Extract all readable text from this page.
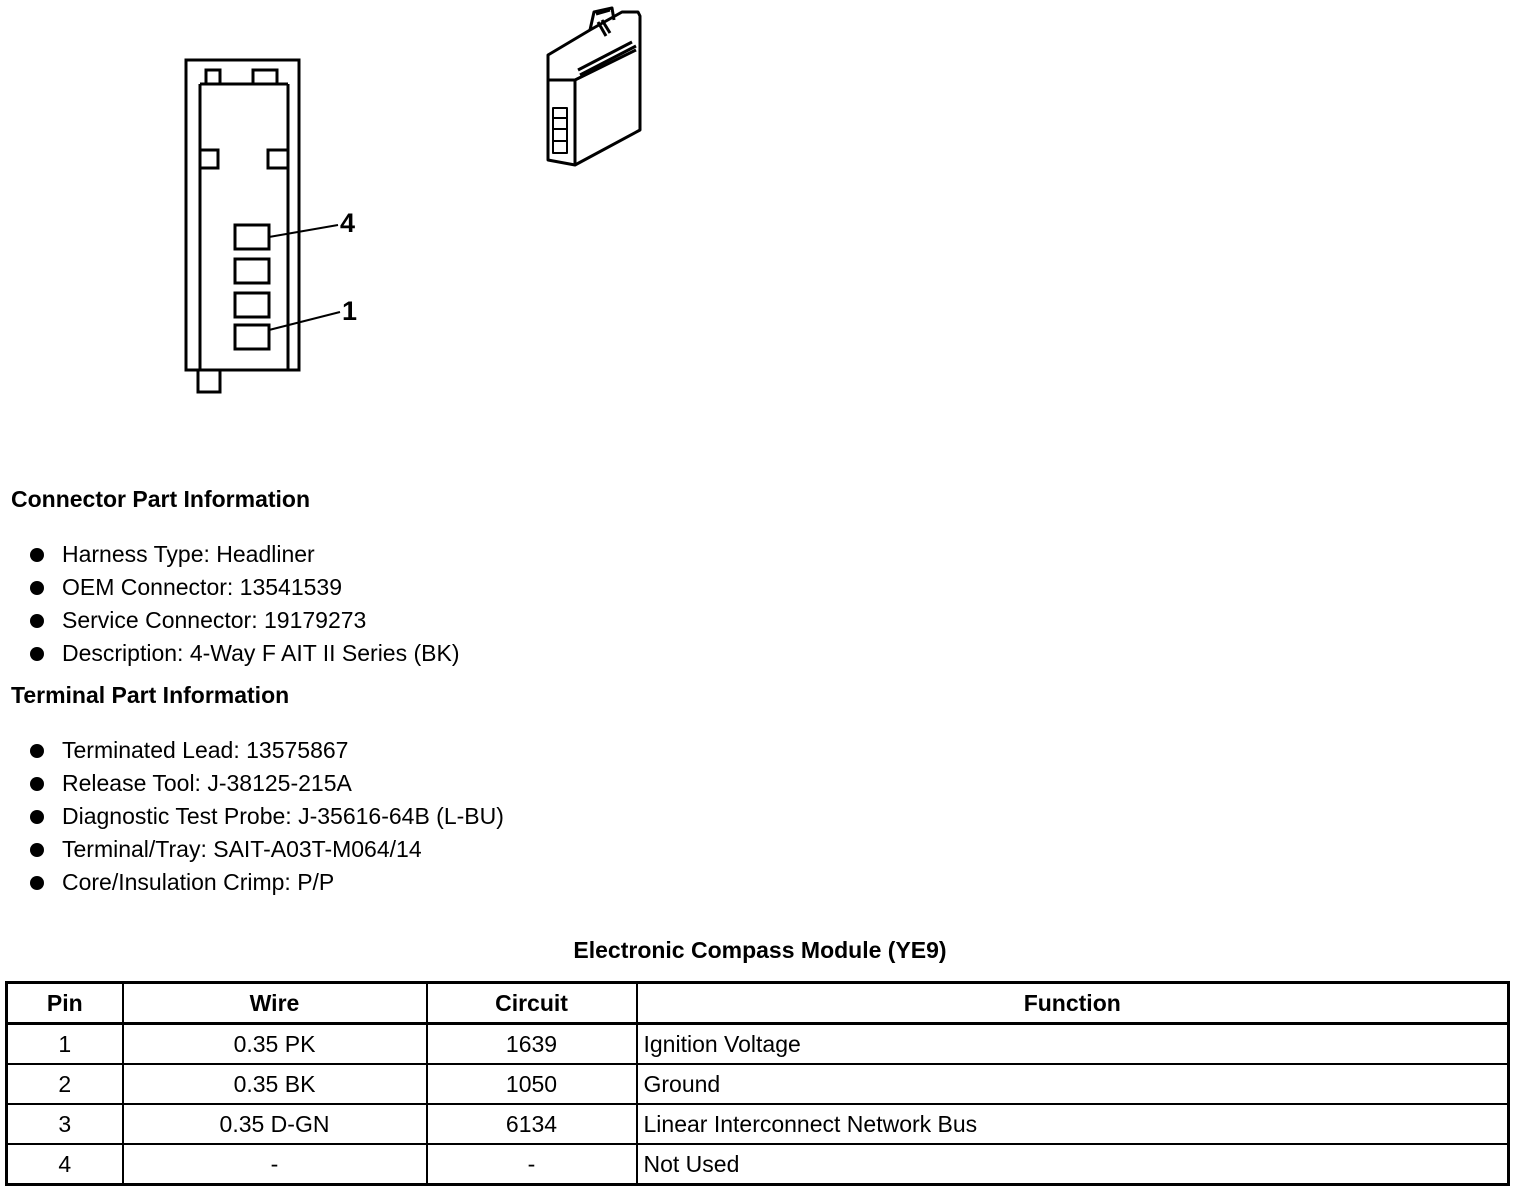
4
1
Connector Part Information
Harness Type: Headliner
OEM Connector: 13541539
Service Connector: 19179273
Description: 4-Way F AIT II Series (BK)
Terminal Part Information
Terminated Lead: 13575867
Release Tool: J-38125-215A
Diagnostic Test Probe: J-35616-64B (L-BU)
Terminal/Tray: SAIT-A03T-M064/14
Core/Insulation Crimp: P/P
Electronic Compass Module (YE9)
Pin	Wire	Circuit	Function
1	0.35 PK	1639	Ignition Voltage
2	0.35 BK	1050	Ground
3	0.35 D-GN	6134	Linear Interconnect Network Bus
4	-	-	Not Used
